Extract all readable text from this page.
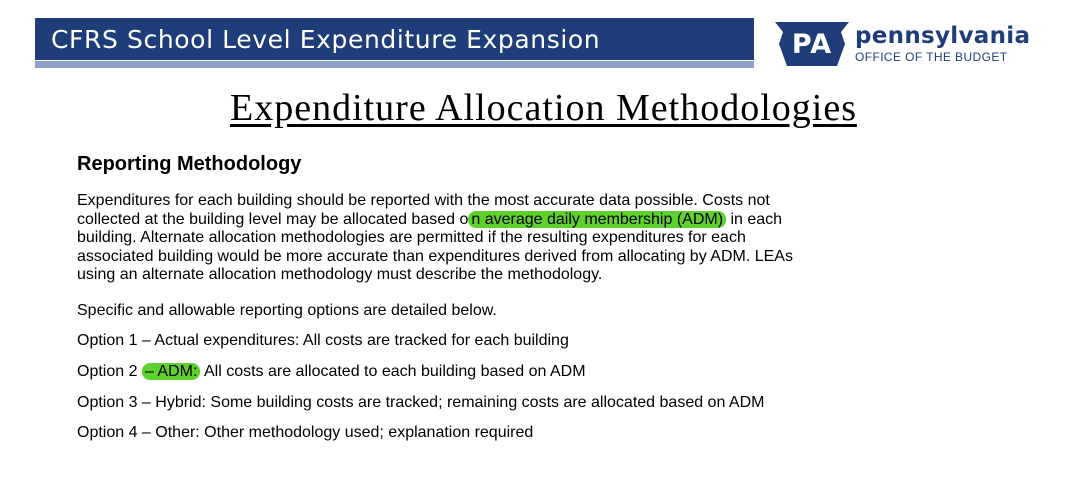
CFRS School Level Expenditure Expansion	PA pennsylvania
OFFICE OF THE BUDGET
Expenditure Allocation Methodologies
Reporting Methodology
Expenditures for each building should be reported with the most accurate data possible. Costs not
collected at the building level may be allocated based o n average daily membership (ADM) in each
building. Alternate allocation methodologies are permitted if the resulting expenditures for each
associated building would be more accurate than expenditures derived from allocating by ADM. LEAs
using an alternate allocation methodology must describe the methodology.
Specific and allowable reporting options are detailed below.
Option 1 – Actual expenditures: All costs are tracked for each building
Option 2 – ADM: All costs are allocated to each building based on ADM
Option 3 – Hybrid: Some building costs are tracked; remaining costs are allocated based on ADM
Option 4 – Other: Other methodology used; explanation required
